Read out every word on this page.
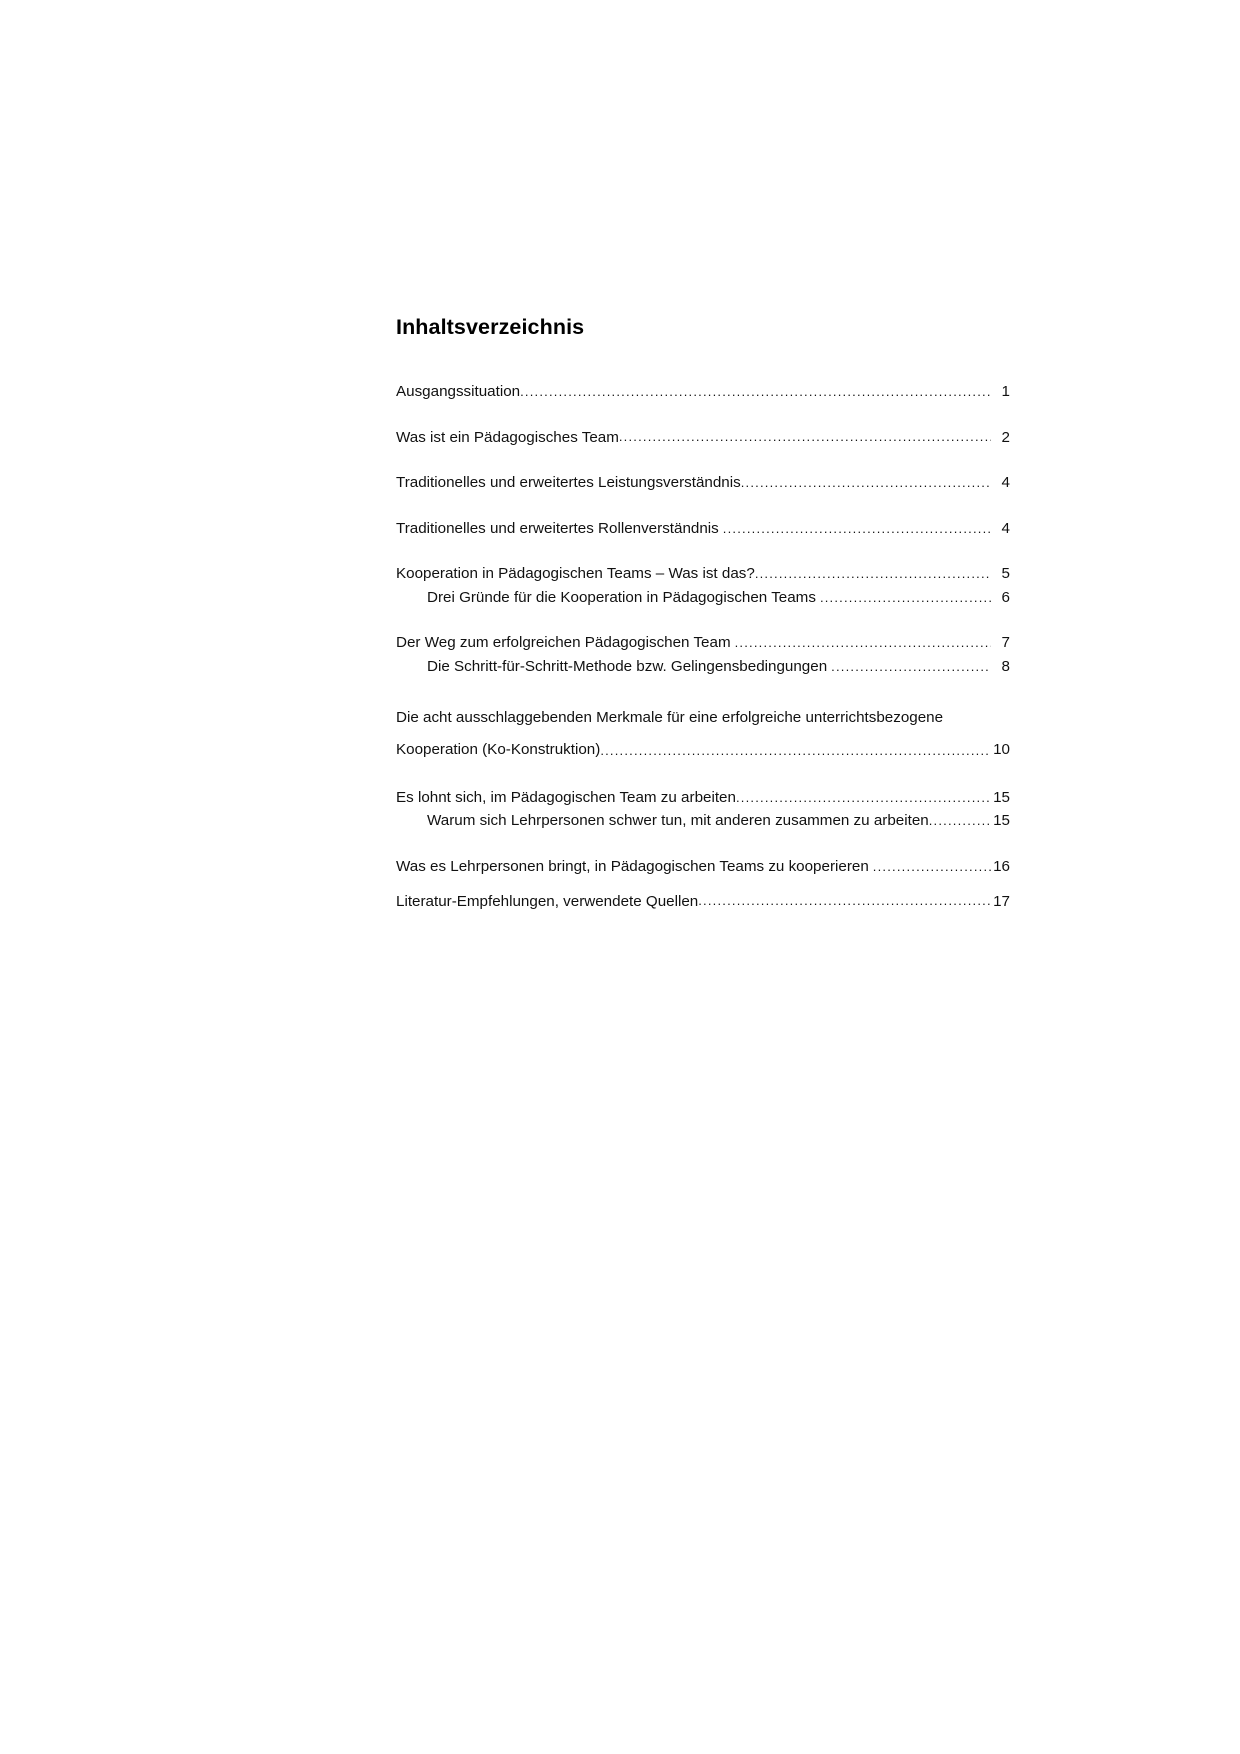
Inhaltsverzeichnis
Ausgangssituation .....	1
Was ist ein Pädagogisches Team .....	2
Traditionelles und erweitertes Leistungsverständnis .....	4
Traditionelles und erweitertes Rollenverständnis .....	4
Kooperation in Pädagogischen Teams – Was ist das? .....	5
Drei Gründe für die Kooperation in Pädagogischen Teams .....	6
Der Weg zum erfolgreichen Pädagogischen Team .....	7
Die Schritt-für-Schritt-Methode bzw. Gelingensbedingungen .....	8
Die acht ausschlaggebenden Merkmale für eine erfolgreiche unterrichtsbezogene
Kooperation (Ko-Konstruktion) .....	10
Es lohnt sich, im Pädagogischen Team zu arbeiten .....	15
Warum sich Lehrpersonen schwer tun, mit anderen zusammen zu arbeiten .....	15
Was es Lehrpersonen bringt, in Pädagogischen Teams zu kooperieren .....	16
Literatur-Empfehlungen, verwendete Quellen .....	17
